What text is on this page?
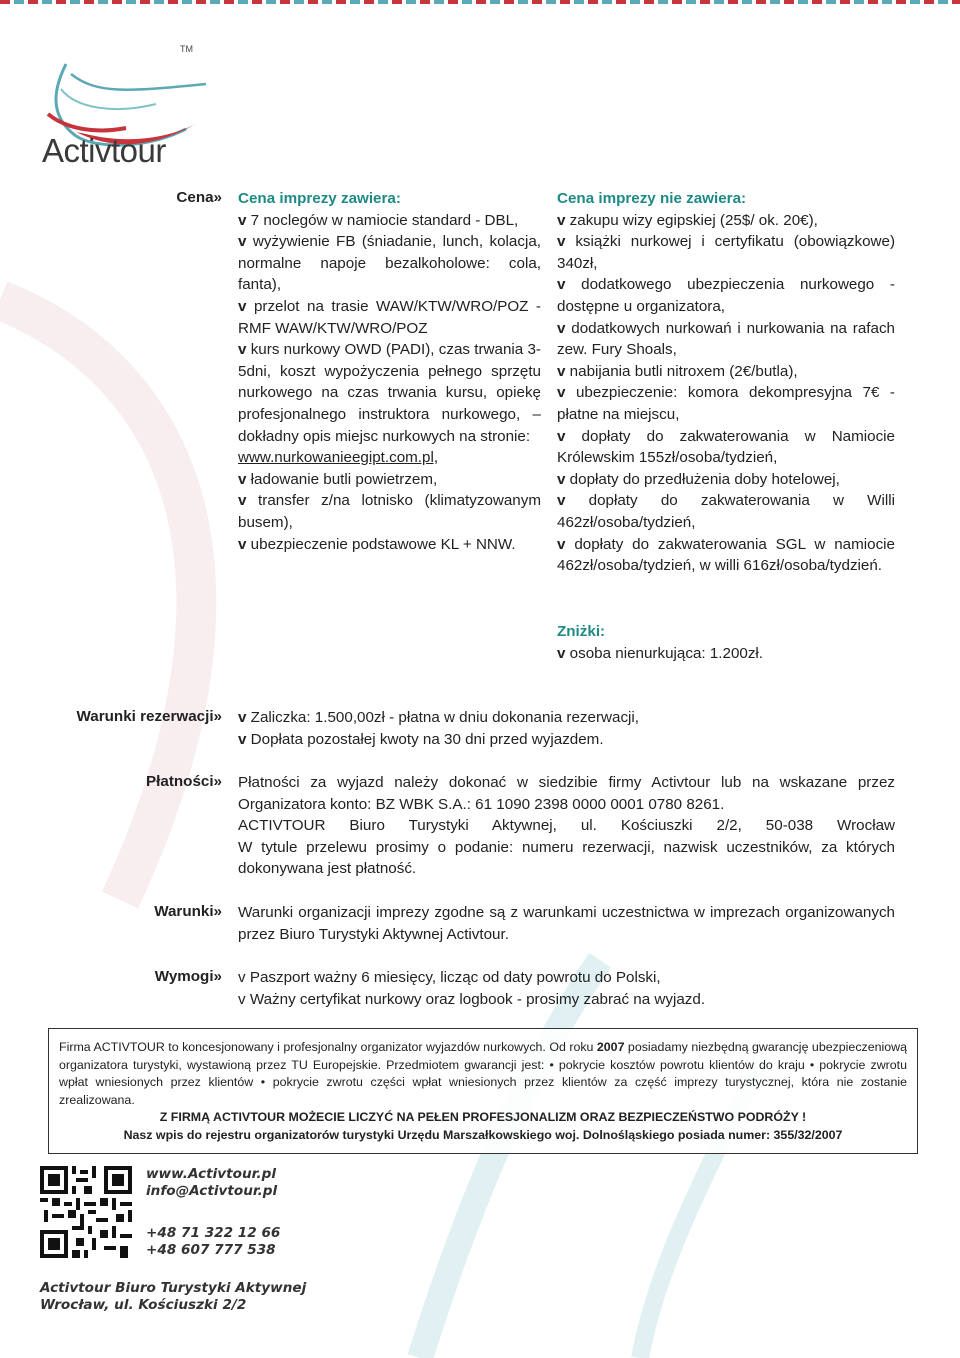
TM
Activtour
Cena» Cena imprezy zawiera:
v 7 noclegów w namiocie standard - DBL,
v wyżywienie FB (śniadanie, lunch, kolacja, normalne napoje bezalkoholowe: cola, fanta),
v przelot na trasie WAW/KTW/WRO/POZ - RMF WAW/KTW/WRO/POZ
v kurs nurkowy OWD (PADI), czas trwania 3-5dni, koszt wypożyczenia pełnego sprzętu nurkowego na czas trwania kursu, opiekę profesjonalnego instruktora nurkowego, – dokładny opis miejsc nurkowych na stronie:
www.nurkowanieegipt.com.pl,
v ładowanie butli powietrzem,
v transfer z/na lotnisko (klimatyzowanym busem),
v ubezpieczenie podstawowe KL + NNW.
Cena imprezy nie zawiera:
v zakupu wizy egipskiej (25$/ ok. 20€),
v książki nurkowej i certyfikatu (obowiązkowe) 340zł,
v dodatkowego ubezpieczenia nurkowego - dostępne u organizatora,
v dodatkowych nurkowań i nurkowania na rafach zew. Fury Shoals,
v nabijania butli nitroxem (2€/butla),
v ubezpieczenie: komora dekompresyjna 7€ - płatne na miejscu,
v dopłaty do zakwaterowania w Namiocie Królewskim 155zł/osoba/tydzień,
v dopłaty do przedłużenia doby hotelowej,
v dopłaty do zakwaterowania w Willi 462zł/osoba/tydzień,
v dopłaty do zakwaterowania SGL w namiocie 462zł/osoba/tydzień, w willi 616zł/osoba/tydzień.
Zniżki:
v osoba nienurkująca: 1.200zł.
Warunki rezerwacji» v Zaliczka: 1.500,00zł - płatna w dniu dokonania rezerwacji,
v Dopłata pozostałej kwoty na 30 dni przed wyjazdem.
Płatności» Płatności za wyjazd należy dokonać w siedzibie firmy Activtour lub na wskazane przez Organizatora konto: BZ WBK S.A.: 61 1090 2398 0000 0001 0780 8261.
ACTIVTOUR Biuro Turystyki Aktywnej, ul. Kościuszki 2/2, 50-038 Wrocław
W tytule przelewu prosimy o podanie: numeru rezerwacji, nazwisk uczestników, za których dokonywana jest płatność.
Warunki» Warunki organizacji imprezy zgodne są z warunkami uczestnictwa w imprezach organizowanych przez Biuro Turystyki Aktywnej Activtour.
Wymogi» v Paszport ważny 6 miesięcy, licząc od daty powrotu do Polski,
v Ważny certyfikat nurkowy oraz logbook - prosimy zabrać na wyjazd.
Firma ACTIVTOUR to koncesjonowany i profesjonalny organizator wyjazdów nurkowych. Od roku 2007 posiadamy niezbędną gwarancję ubezpieczeniową organizatora turystyki, wystawioną przez TU Europejskie. Przedmiotem gwarancji jest: • pokrycie kosztów powrotu klientów do kraju • pokrycie zwrotu wpłat wniesionych przez klientów • pokrycie zwrotu części wpłat wniesionych przez klientów za część imprezy turystycznej, która nie zostanie zrealizowana.
Z FIRMĄ ACTIVTOUR MOŻECIE LICZYĆ NA PEŁEN PROFESJONALIZM ORAZ BEZPIECZEŃSTWO PODRÓŻY !
Nasz wpis do rejestru organizatorów turystyki Urzędu Marszałkowskiego woj. Dolnośląskiego posiada numer: 355/32/2007
www.Activtour.pl
info@Activtour.pl
+48 71 322 12 66
+48 607 777 538
Activtour Biuro Turystyki Aktywnej
Wrocław, ul. Kościuszki 2/2
